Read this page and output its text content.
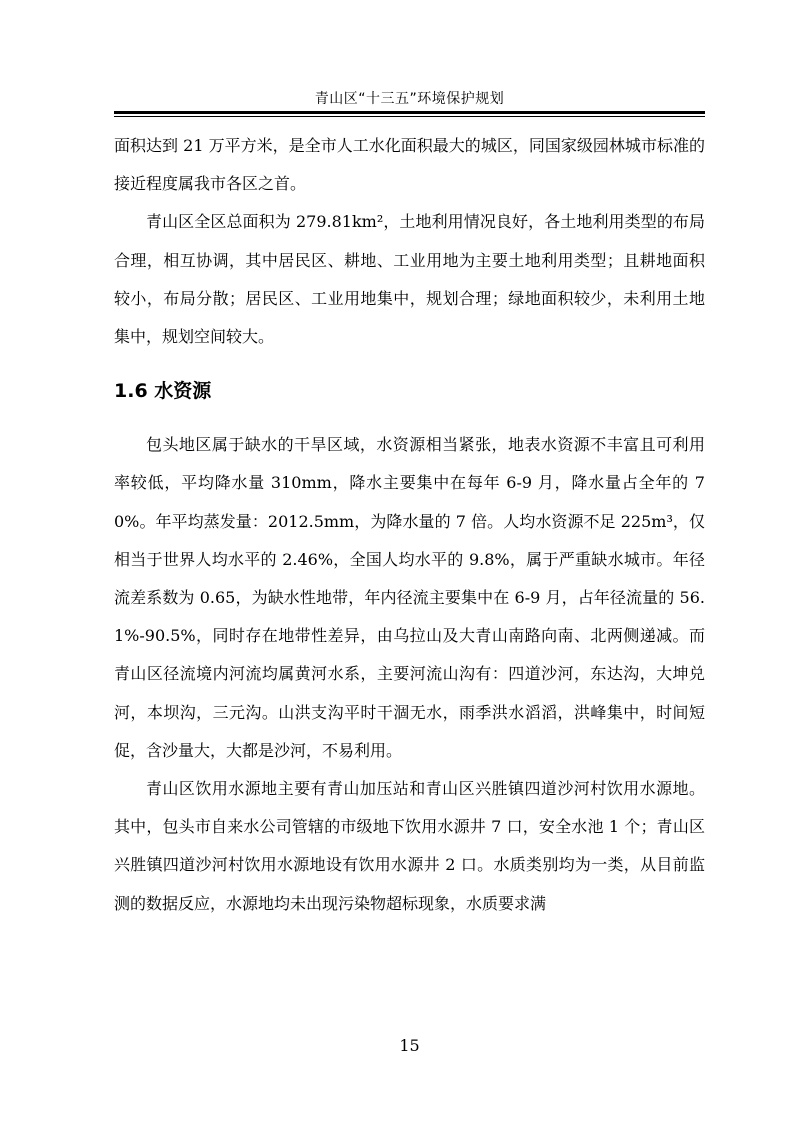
青山区“十三五”环境保护规划

面积达到 21 万平方米，是全市人工水化面积最大的城区，同国家级园林城市标准的接近程度属我市各区之首。

青山区全区总面积为 279.81km²，土地利用情况良好，各土地利用类型的布局合理，相互协调，其中居民区、耕地、工业用地为主要土地利用类型；且耕地面积较小，布局分散；居民区、工业用地集中，规划合理；绿地面积较少，未利用土地集中，规划空间较大。

1.6 水资源

包头地区属于缺水的干旱区域，水资源相当紧张，地表水资源不丰富且可利用率较低，平均降水量 310mm，降水主要集中在每年 6-9 月，降水量占全年的 70%。年平均蒸发量：2012.5mm，为降水量的 7 倍。人均水资源不足 225m³，仅相当于世界人均水平的 2.46%，全国人均水平的 9.8%，属于严重缺水城市。年径流差系数为 0.65，为缺水性地带，年内径流主要集中在 6-9 月，占年径流量的 56.1%-90.5%，同时存在地带性差异，由乌拉山及大青山南路向南、北两侧递减。而青山区径流境内河流均属黄河水系，主要河流山沟有：四道沙河，东达沟，大坤兑河，本坝沟，三元沟。山洪支沟平时干涸无水，雨季洪水滔滔，洪峰集中，时间短促，含沙量大，大都是沙河，不易利用。

青山区饮用水源地主要有青山加压站和青山区兴胜镇四道沙河村饮用水源地。其中，包头市自来水公司管辖的市级地下饮用水源井 7 口，安全水池 1 个；青山区兴胜镇四道沙河村饮用水源地设有饮用水源井 2 口。水质类别均为一类，从目前监测的数据反应，水源地均未出现污染物超标现象，水质要求满

15
